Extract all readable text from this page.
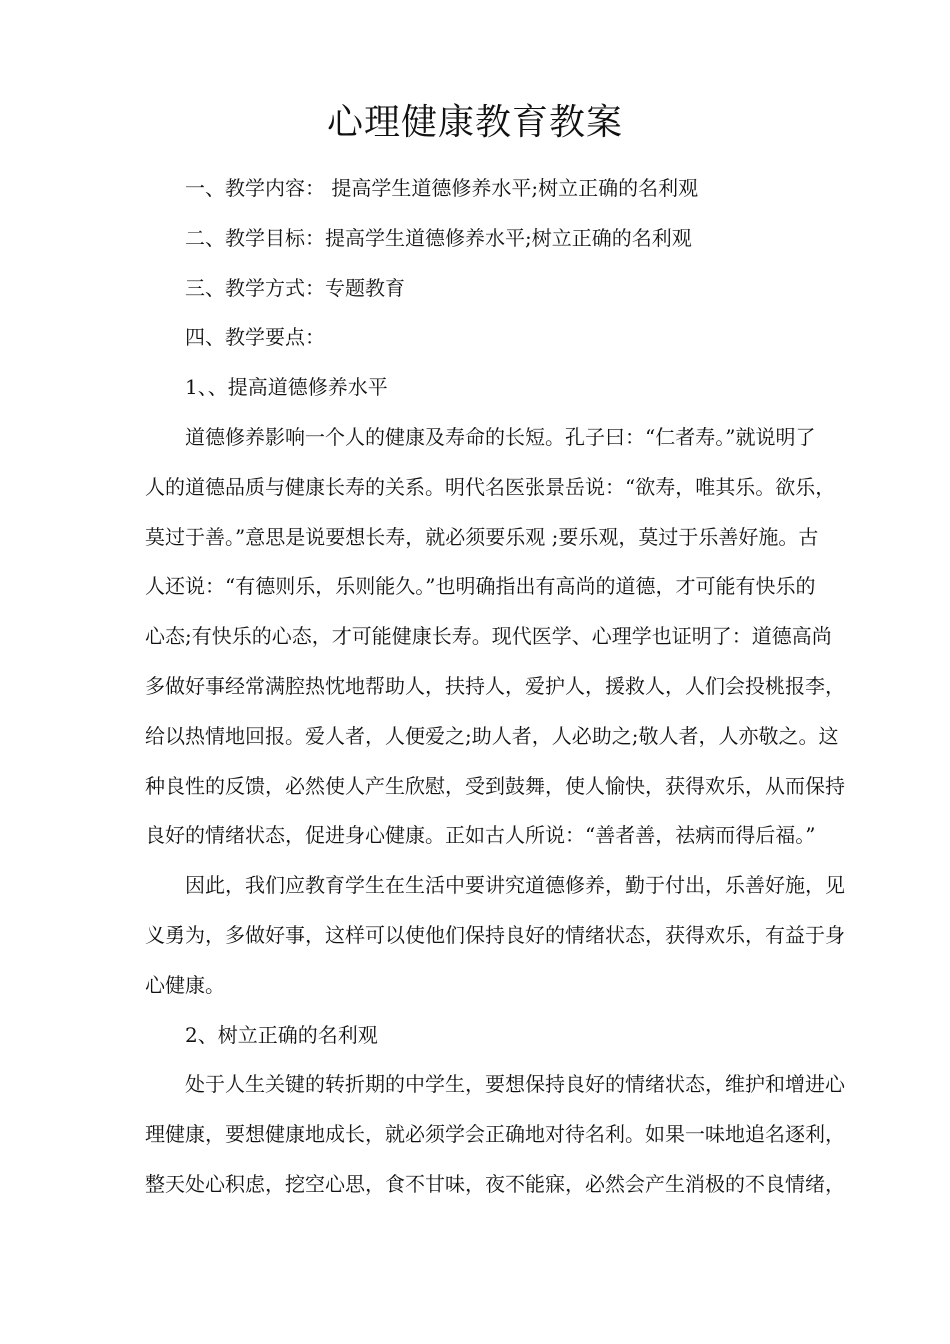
心理健康教育教案
一、教学内容： 提高学生道德修养水平;树立正确的名利观
二、教学目标：提高学生道德修养水平;树立正确的名利观
三、教学方式：专题教育
四、教学要点：
1、、提高道德修养水平
道德修养影响一个人的健康及寿命的长短。孔子曰：“仁者寿。”就说明了
人的道德品质与健康长寿的关系。明代名医张景岳说：“欲寿，唯其乐。欲乐，
莫过于善。”意思是说要想长寿，就必须要乐观 ;要乐观，莫过于乐善好施。古
人还说：“有德则乐，乐则能久。”也明确指出有高尚的道德，才可能有快乐的
心态;有快乐的心态，才可能健康长寿。现代医学、心理学也证明了：道德高尚
多做好事经常满腔热忱地帮助人，扶持人，爱护人，援救人，人们会投桃报李，
给以热情地回报。爱人者，人便爱之;助人者，人必助之;敬人者，人亦敬之。这
种良性的反馈，必然使人产生欣慰，受到鼓舞，使人愉快，获得欢乐，从而保持
良好的情绪状态，促进身心健康。正如古人所说：“善者善，祛病而得后福。”
因此，我们应教育学生在生活中要讲究道德修养，勤于付出，乐善好施，见
义勇为，多做好事，这样可以使他们保持良好的情绪状态，获得欢乐，有益于身
心健康。
2、树立正确的名利观
处于人生关键的转折期的中学生，要想保持良好的情绪状态，维护和增进心
理健康，要想健康地成长，就必须学会正确地对待名利。如果一味地追名逐利，
整天处心积虑，挖空心思，食不甘味，夜不能寐，必然会产生消极的不良情绪，
